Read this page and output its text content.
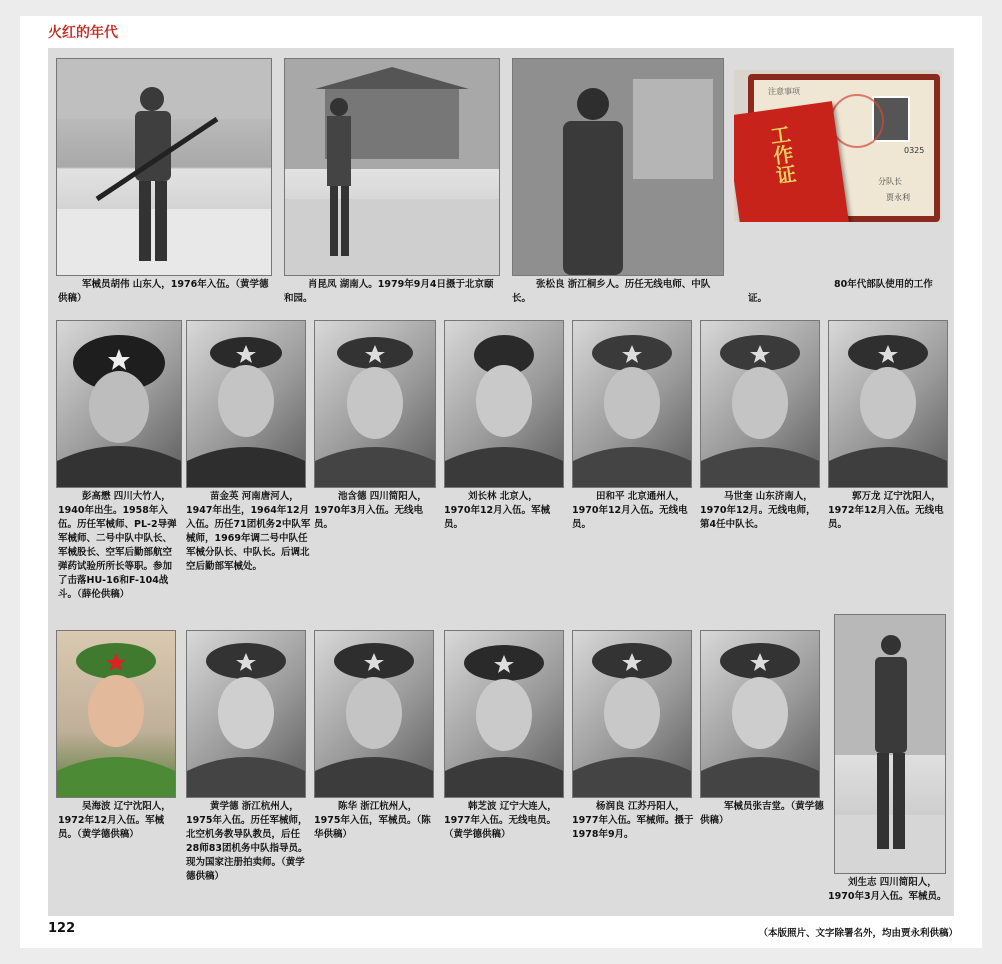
火红的年代
注意事项
0325
分队长
贾永利
工作证
军械员胡伟 山东人，1976年入伍。（黄学德供稿）
肖昆凤 湖南人。1979年9月4日摄于北京颐和园。
张松良 浙江桐乡人。历任无线电师、中队长。
80年代部队使用的工作证。
彭高懋 四川大竹人，1940年出生。1958年入伍。历任军械师、PL-2导弹军械师、二号中队中队长、军械股长、空军后勤部航空弹药试验所所长等职。参加了击落HU-16和F-104战斗。（薛伦供稿）
苗金英 河南唐河人，1947年出生，1964年12月入伍。历任71团机务2中队军械师，1969年调二号中队任军械分队长、中队长。后调北空后勤部军械处。
池含德 四川简阳人，1970年3月入伍。无线电员。
刘长林 北京人，1970年12月入伍。军械员。
田和平 北京通州人，1970年12月入伍。无线电员。
马世奎 山东济南人，1970年12月。无线电师，第4任中队长。
郭万龙 辽宁沈阳人，1972年12月入伍。无线电员。
吴海波 辽宁沈阳人，1972年12月入伍。军械员。（黄学德供稿）
黄学德 浙江杭州人，1975年入伍。历任军械师，北空机务教导队教员，后任28师83团机务中队指导员。现为国家注册拍卖师。（黄学德供稿）
陈华 浙江杭州人，1975年入伍，军械员。（陈华供稿）
韩芝波 辽宁大连人，1977年入伍。无线电员。（黄学德供稿）
杨润良 江苏丹阳人，1977年入伍。军械师。摄于1978年9月。
军械员张吉堂。（黄学德供稿）
刘生志 四川简阳人，1970年3月入伍。军械员。
122	（本版照片、文字除署名外，均由贾永利供稿）
